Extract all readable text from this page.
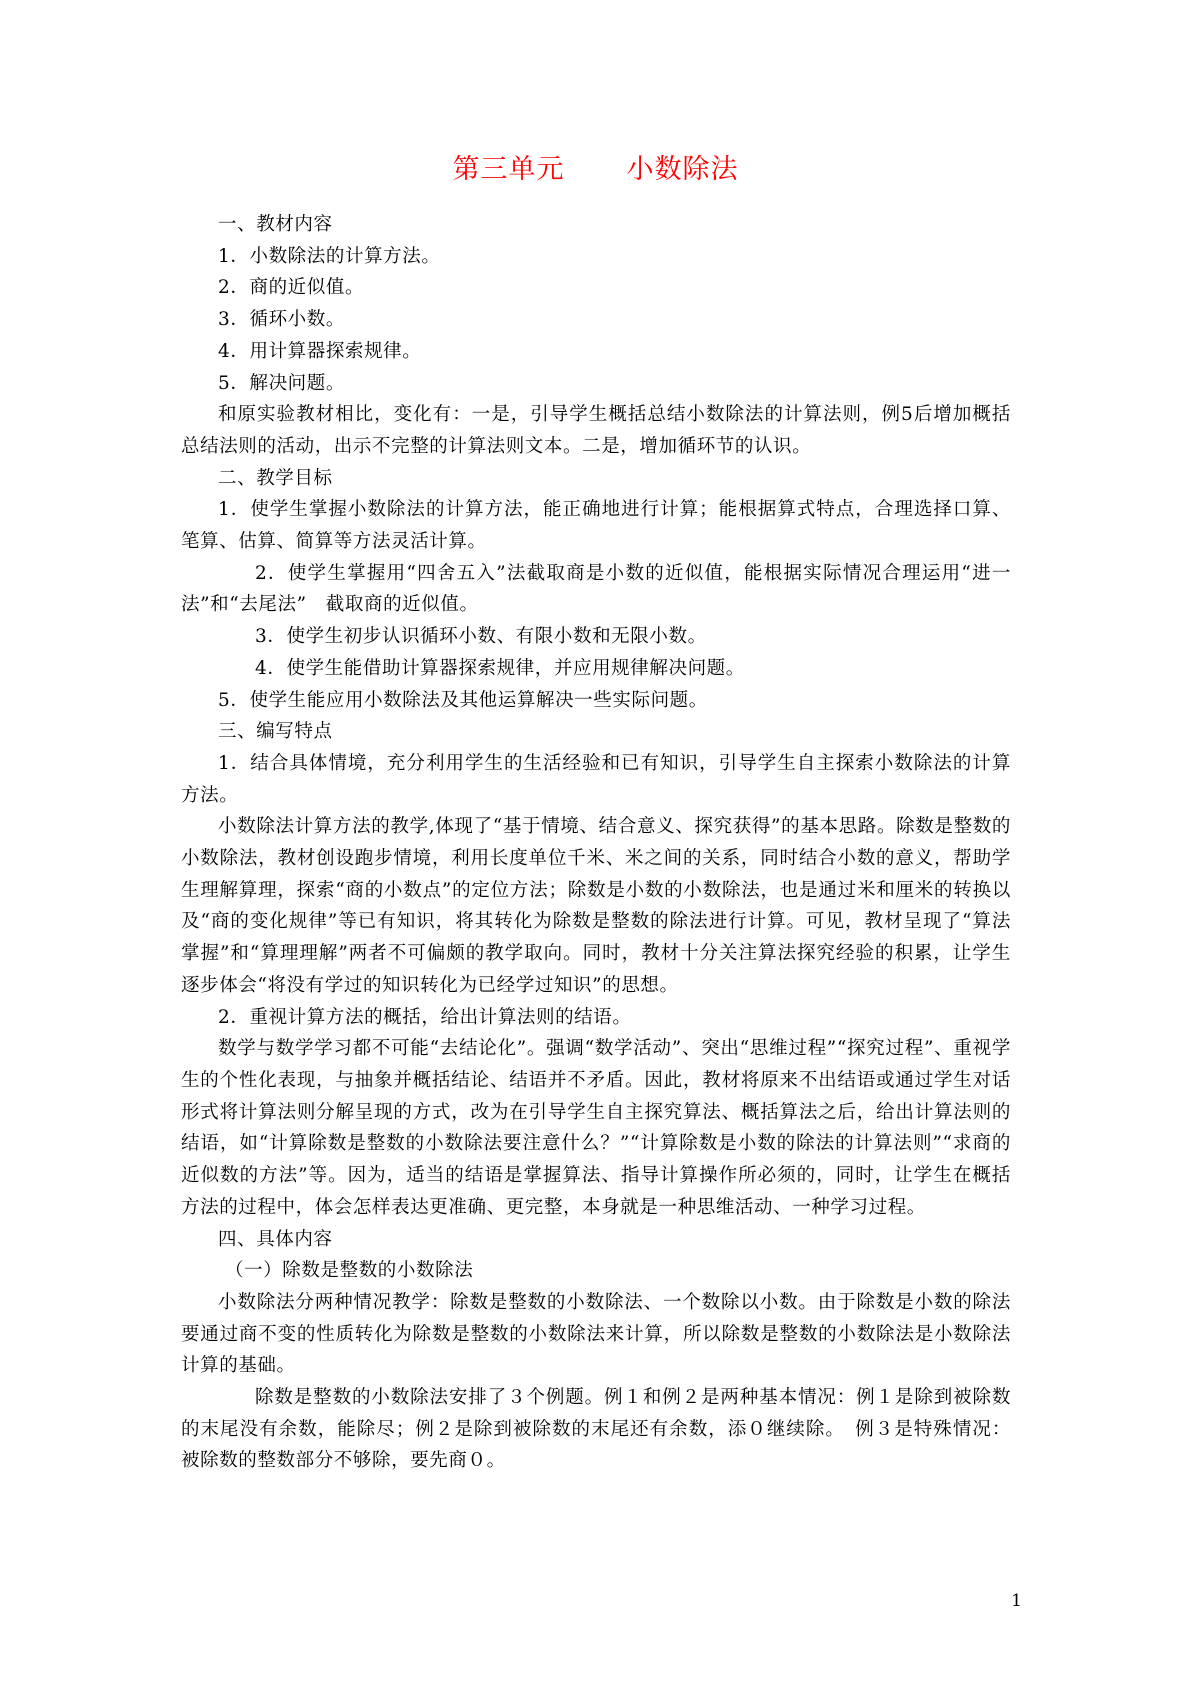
第三单元 小数除法

一、教材内容

1．小数除法的计算方法。

2．商的近似值。

3．循环小数。

4．用计算器探索规律。

5．解决问题。

和原实验教材相比，变化有：一是，引导学生概括总结小数除法的计算法则，例5后增加概括总结法则的活动，出示不完整的计算法则文本。二是，增加循环节的认识。

二、教学目标

1．使学生掌握小数除法的计算方法，能正确地进行计算；能根据算式特点，合理选择口算、笔算、估算、简算等方法灵活计算。

2．使学生掌握用“四舍五入”法截取商是小数的近似值，能根据实际情况合理运用“进一法”和“去尾法”　截取商的近似值。

3．使学生初步认识循环小数、有限小数和无限小数。

4．使学生能借助计算器探索规律，并应用规律解决问题。

5．使学生能应用小数除法及其他运算解决一些实际问题。

三、编写特点

1．结合具体情境，充分利用学生的生活经验和已有知识，引导学生自主探索小数除法的计算方法。

小数除法计算方法的教学,体现了“基于情境、结合意义、探究获得”的基本思路。除数是整数的小数除法，教材创设跑步情境，利用长度单位千米、米之间的关系，同时结合小数的意义，帮助学生理解算理，探索“商的小数点”的定位方法；除数是小数的小数除法，也是通过米和厘米的转换以及“商的变化规律”等已有知识，将其转化为除数是整数的除法进行计算。可见，教材呈现了“算法掌握”和“算理理解”两者不可偏颇的教学取向。同时，教材十分关注算法探究经验的积累，让学生逐步体会“将没有学过的知识转化为已经学过知识”的思想。

2．重视计算方法的概括，给出计算法则的结语。

数学与数学学习都不可能“去结论化”。强调“数学活动”、突出“思维过程”“探究过程”、重视学生的个性化表现，与抽象并概括结论、结语并不矛盾。因此，教材将原来不出结语或通过学生对话形式将计算法则分解呈现的方式，改为在引导学生自主探究算法、概括算法之后，给出计算法则的结语，如“计算除数是整数的小数除法要注意什么？”“计算除数是小数的除法的计算法则”“求商的近似数的方法”等。因为，适当的结语是掌握算法、指导计算操作所必须的，同时，让学生在概括方法的过程中，体会怎样表达更准确、更完整，本身就是一种思维活动、一种学习过程。

四、具体内容

（一）除数是整数的小数除法

小数除法分两种情况教学：除数是整数的小数除法、一个数除以小数。由于除数是小数的除法要通过商不变的性质转化为除数是整数的小数除法来计算，所以除数是整数的小数除法是小数除法计算的基础。

除数是整数的小数除法安排了３个例题。例１和例２是两种基本情况：例１是除到被除数的末尾没有余数，能除尽；例２是除到被除数的末尾还有余数，添０继续除。　例３是特殊情况：被除数的整数部分不够除，要先商０。

1
